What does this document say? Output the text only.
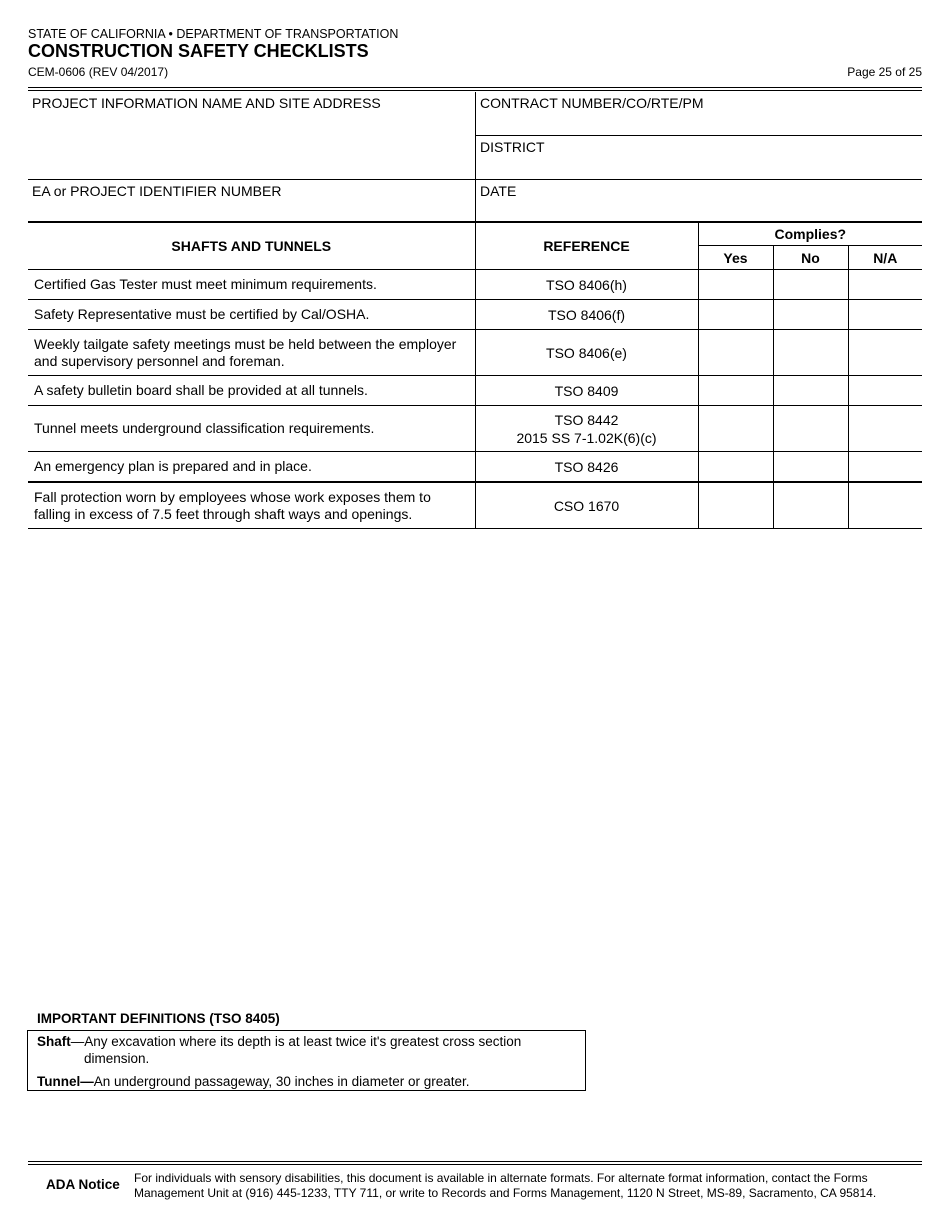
STATE OF CALIFORNIA • DEPARTMENT OF TRANSPORTATION
CONSTRUCTION SAFETY CHECKLISTS
CEM-0606 (REV 04/2017)	Page 25 of 25
PROJECT INFORMATION NAME AND SITE ADDRESS	CONTRACT NUMBER/CO/RTE/PM
	DISTRICT
EA or PROJECT IDENTIFIER NUMBER	DATE
SHAFTS AND TUNNELS	REFERENCE	Complies?		
		Yes	No	N/A
Certified Gas Tester must meet minimum requirements.	TSO 8406(h)			
Safety Representative must be certified by Cal/OSHA.	TSO 8406(f)			
Weekly tailgate safety meetings must be held between the employer and supervisory personnel and foreman.	TSO 8406(e)			
A safety bulletin board shall be provided at all tunnels.	TSO 8409			
Tunnel meets underground classification requirements.	TSO 8442
2015 SS 7-1.02K(6)(c)			
An emergency plan is prepared and in place.	TSO 8426			
Fall protection worn by employees whose work exposes them to falling in excess of 7.5 feet through shaft ways and openings.	CSO 1670			
IMPORTANT DEFINITIONS (TSO 8405)
Shaft—Any excavation where its depth is at least twice it's greatest cross section
dimension.
Tunnel—An underground passageway, 30 inches in diameter or greater.
ADA Notice For individuals with sensory disabilities, this document is available in alternate formats. For alternate format information, contact the Forms Management Unit at (916) 445-1233, TTY 711, or write to Records and Forms Management, 1120 N Street, MS-89, Sacramento, CA 95814.
